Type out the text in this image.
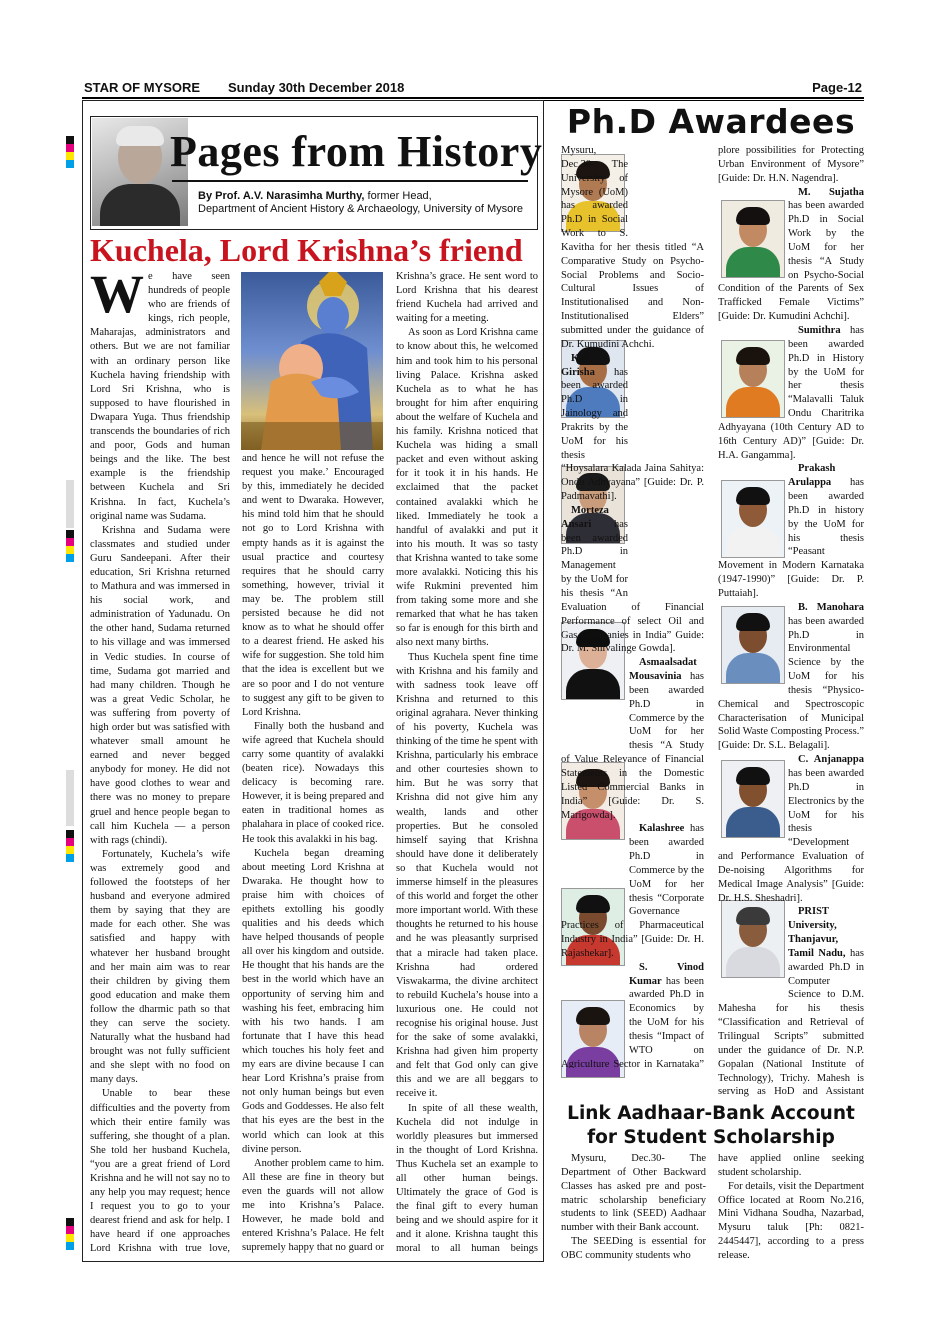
STAR OF MYSORE Sunday 30th December 2018	Page-12
Pages from History
By Prof. A.V. Narasimha Murthy, former Head,
Department of Ancient History & Archaeology, University of Mysore
Kuchela, Lord Krishna’s friend

We have seen hundreds of people who are friends of kings, rich people, Maharajas, administrators and others. But we are not familiar with an ordinary person like Kuchela having friendship with Lord Sri Krishna, who is supposed to have flourished in Dwapara Yuga. Thus friendship transcends the boundaries of rich and poor, Gods and human beings and the like. The best example is the friendship between Kuchela and Sri Krishna. In fact, Kuchela’s original name was Sudama.

Krishna and Sudama were classmates and studied under Guru Sandeepani. After their education, Sri Krishna returned to Mathura and was immersed in his social work, and administration of Yadunadu. On the other hand, Sudama returned to his village and was immersed in Vedic studies. In course of time, Sudama got married and had many children. Though he was a great Vedic Scholar, he was suffering from poverty of high order but was satisfied with whatever small amount he earned and never begged anybody for money. He did not have good clothes to wear and there was no money to prepare gruel and hence people began to call him Kuchela — a person with rags (chindi).

Fortunately, Kuchela’s wife was extremely good and followed the footsteps of her husband and everyone admired them by saying that they are made for each other. She was satisfied and happy with whatever her husband brought and her main aim was to rear their children by giving them good education and make them follow the dharmic path so that they can serve the society. Naturally what the husband had brought was not fully sufficient and she slept with no food on many days.

Unable to bear these difficulties and the poverty from which their entire family was suffering, she thought of a plan. She told her husband Kuchela, “you are a great friend of Lord Krishna and he will not say no to any help you may request; hence I request you to go to your dearest friend and ask for help. I have heard if one approaches Lord Krishna with true love,

and hence he will not refuse the request you make.’ Encouraged by this, immediately he decided and went to Dwaraka. However, his mind told him that he should not go to Lord Krishna with empty hands as it is against the usual practice and courtesy requires that he should carry something, however, trivial it may be. The problem still persisted because he did not know as to what he should offer to a dearest friend. He asked his wife for suggestion. She told him that the idea is excellent but we are so poor and I do not venture to suggest any gift to be given to Lord Krishna.

Finally both the husband and wife agreed that Kuchela should carry some quantity of avalakki (beaten rice). Nowadays this delicacy is becoming rare. However, it is being prepared and eaten in traditional homes as phalahara in place of cooked rice. He took this avalakki in his bag.

Kuchela began dreaming about meeting Lord Krishna at Dwaraka. He thought how to praise him with choices of epithets extolling his goodly qualities and his deeds which have helped thousands of people all over his kingdom and outside. He thought that his hands are the best in the world which have an opportunity of serving him and washing his feet, embracing him with his two hands. I am fortunate that I have this head which touches his holy feet and my ears are divine because I can hear Lord Krishna’s praise from not only human beings but even Gods and Goddesses. He also felt that his eyes are the best in the world which can look at this divine person.

Another problem came to him. All these are fine in theory but even the guards will not allow me into Krishna’s Palace. However, he made bold and entered Krishna’s Palace. He felt supremely happy that no guard or

Krishna’s grace. He sent word to Lord Krishna that his dearest friend Kuchela had arrived and waiting for a meeting.

As soon as Lord Krishna came to know about this, he welcomed him and took him to his personal living Palace. Krishna asked Kuchela as to what he has brought for him after enquiring about the welfare of Kuchela and his family. Krishna noticed that Kuchela was hiding a small packet and even without asking for it took it in his hands. He exclaimed that the packet contained avalakki which he liked. Immediately he took a handful of avalakki and put it into his mouth. It was so tasty that Krishna wanted to take some more avalakki. Noticing this his wife Rukmini prevented him from taking some more and she remarked that what he has taken so far is enough for this birth and also next many births.

Thus Kuchela spent fine time with Krishna and his family and with sadness took leave off Krishna and returned to this original agrahara. Never thinking of his poverty, Kuchela was thinking of the time he spent with Krishna, particularly his embrace and other courtesies shown to him. But he was sorry that Krishna did not give him any wealth, lands and other properties. But he consoled himself saying that Krishna should have done it deliberately so that Kuchela would not immerse himself in the pleasures of this world and forget the other more important world. With these thoughts he returned to his house and he was pleasantly surprised that a miracle had taken place. Krishna had ordered Viswakarma, the divine architect to rebuild Kuchela’s house into a luxurious one. He could not recognise his original house. Just for the sake of some avalakki, Krishna had given him property and felt that God only can give this and we are all beggars to receive it.

In spite of all these wealth, Kuchela did not indulge in worldly pleasures but immersed in the thought of Lord Krishna. Thus Kuchela set an example to all other human beings. Ultimately the grace of God is the final gift to every human being and we should aspire for it and it alone. Krishna taught this moral to all human beings

Ph.D Awardees

Mysuru, Dec.30- The University of Mysore (UoM) has awarded Ph.D in Social Work to S. Kavitha for her thesis titled “A Comparative Study on Psycho-Social Problems and Socio-Cultural Issues of Institutionalised and Non-Institutionalised Elders” submitted under the guidance of Dr. Kumudini Achchi.

K.M. Girisha has been awarded Ph.D in Jainology and Prakrits by the UoM for his thesis “Hoysalara Kalada Jaina Sahitya: Ondu Adhyayana” [Guide: Dr. P. Padmavathi].

Morteza Ansari has been awarded Ph.D in Management by the UoM for his thesis “An Evaluation of Financial Performance of select Oil and Gas Companies in India” Guide: Dr. M. Shivalinge Gowda].

Asmaalsadat Mousavinia has been awarded Ph.D in Commerce by the UoM for her thesis “A Study of Value Relevance of Financial Statements in the Domestic Listed Commercial Banks in India” [Guide: Dr. S. Marigowda].

Kalashree has been awarded Ph.D in Commerce by the UoM for her thesis “Corporate Governance Practices of Pharmaceutical Industry in India” [Guide: Dr. H. Rajashekar].

S. Vinod Kumar has been awarded Ph.D in Economics by the UoM for his thesis “Impact of WTO on Agriculture Sector in Karnataka”

plore possibilities for Protecting Urban Environment of Mysore” [Guide: Dr. H.N. Nagendra].

M. Sujatha has been awarded Ph.D in Social Work by the UoM for her thesis “A Study on Psycho-Social Condition of the Parents of Sex Trafficked Female Victims” [Guide: Dr. Kumudini Achchi].

Sumithra has been awarded Ph.D in History by the UoM for her thesis “Malavalli Taluk Ondu Charitrika Adhyayana (10th Century AD to 16th Century AD)” [Guide: Dr. H.A. Gangamma].

Prakash Arulappa has been awarded Ph.D in history by the UoM for his thesis “Peasant Movement in Modern Karnataka (1947-1990)” [Guide: Dr. P. Puttaiah].

B. Manohara has been awarded Ph.D in Environmental Science by the UoM for his thesis “Physico-Chemical and Spectroscopic Characterisation of Municipal Solid Waste Composting Process.” [Guide: Dr. S.L. Belagali].

C. Anjanappa has been awarded Ph.D in Electronics by the UoM for his thesis “Development and Performance Evaluation of De-noising Algorithms for Medical Image Analysis” [Guide: Dr. H.S. Sheshadri].

PRIST University, Thanjavur, Tamil Nadu, has awarded Ph.D in Computer Science to D.M. Mahesha for his thesis “Classification and Retrieval of Trilingual Scripts” submitted under the guidance of Dr. N.P. Gopalan (National Institute of Technology), Trichy. Mahesh is serving as HoD and Assistant

Link Aadhaar-Bank Account
for Student Scholarship

Mysuru, Dec.30- The Department of Other Backward Classes has asked pre and post-matric scholarship beneficiary students to link (SEED) Aadhaar number with their Bank account.

The SEEDing is essential for OBC community students who

have applied online seeking student scholarship.

For details, visit the Department Office located at Room No.216, Mini Vidhana Soudha, Nazarbad, Mysuru taluk [Ph: 0821- 2445447], according to a press release.
